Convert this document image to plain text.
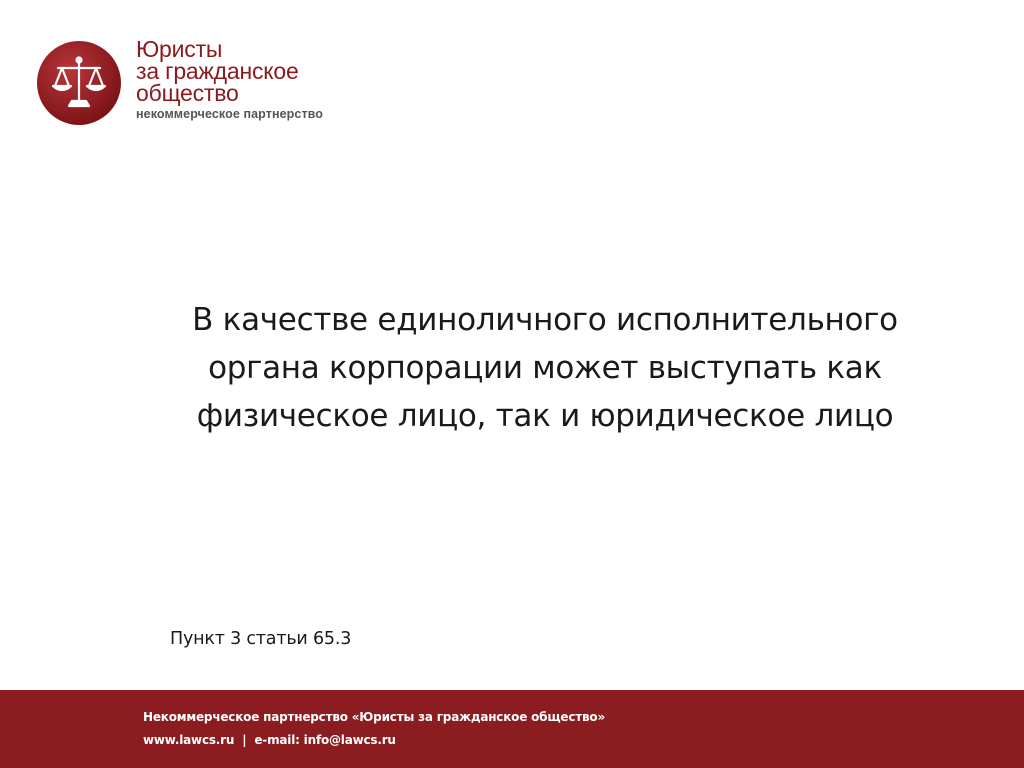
Юристы
за гражданское
общество
некоммерческое партнерство
В качестве единоличного исполнительного
органа корпорации может выступать как
физическое лицо, так и юридическое лицо
Пункт 3 статьи 65.3
Некоммерческое партнерство «Юристы за гражданское общество»
www.lawcs.ru | e-mail: info@lawcs.ru
